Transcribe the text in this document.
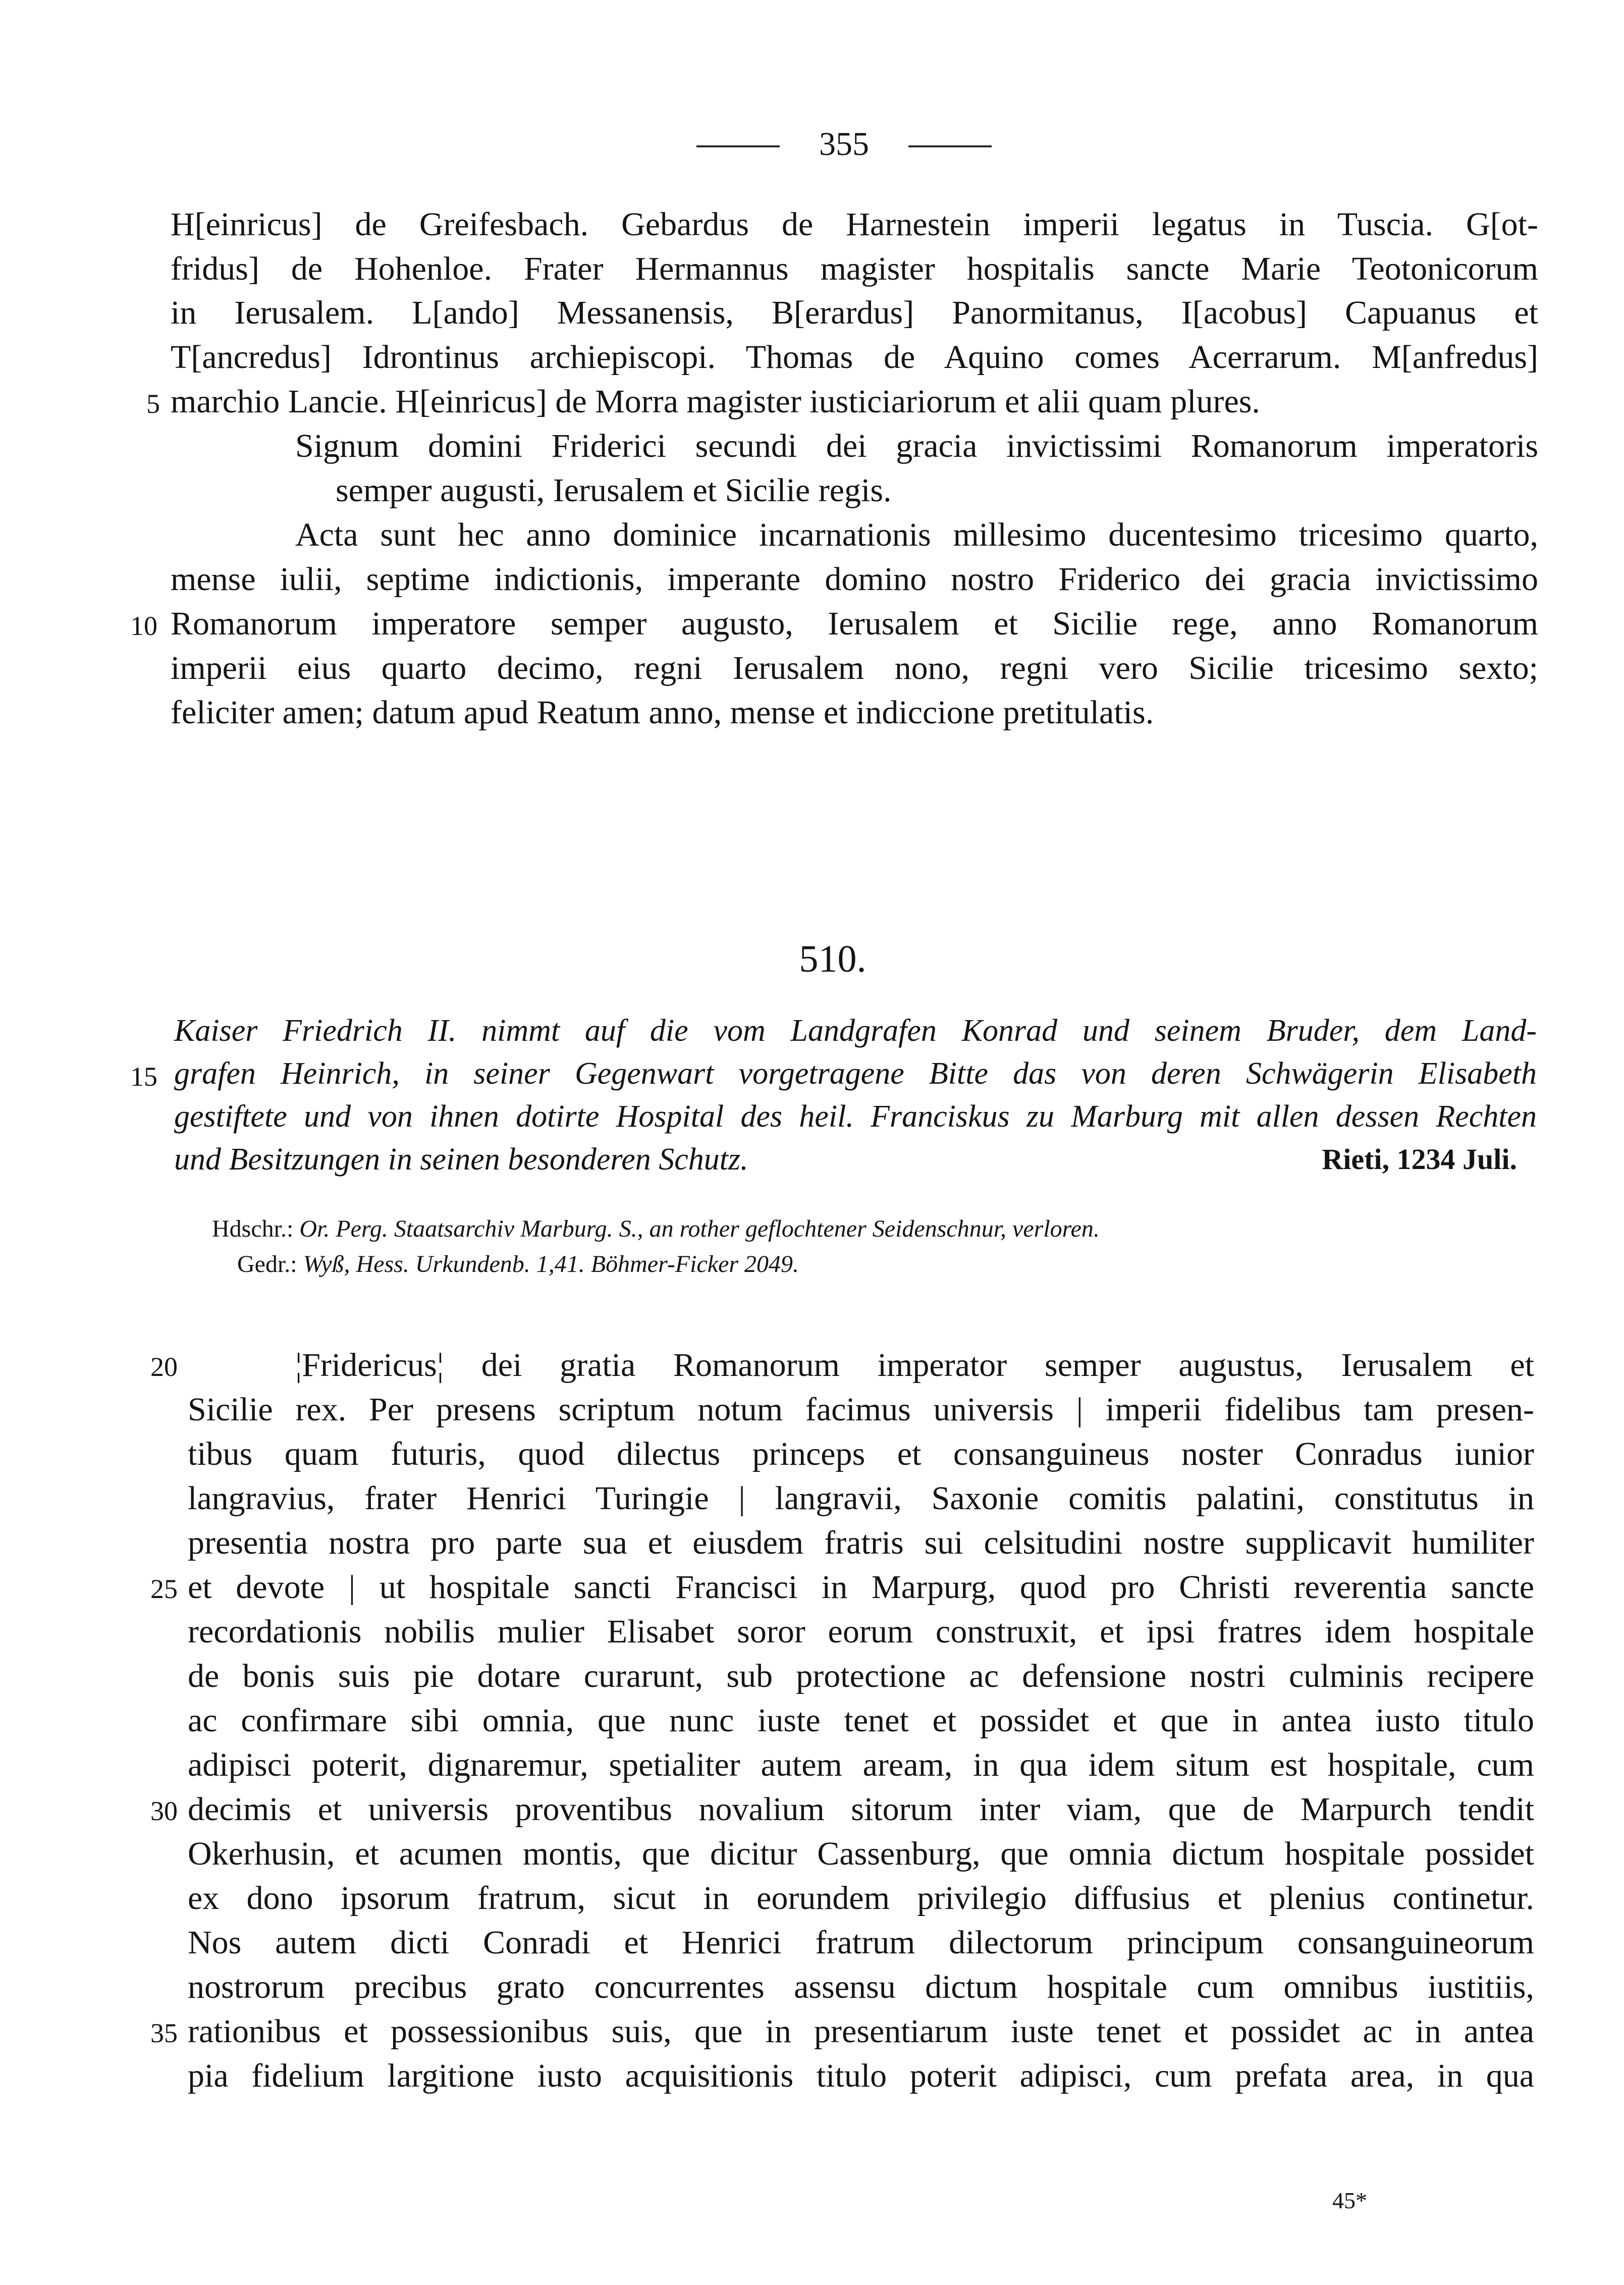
355
H[einricus] de Greifesbach. Gebardus de Harnestein imperii legatus in Tuscia. G[ot-
fridus] de Hohenloe. Frater Hermannus magister hospitalis sancte Marie Teotonicorum
in Ierusalem. L[ando] Messanensis, B[erardus] Panormitanus, I[acobus] Capuanus et
T[ancredus] Idrontinus archiepiscopi. Thomas de Aquino comes Acerrarum. M[anfredus]
marchio Lancie. H[einricus] de Morra magister iusticiariorum et alii quam plures.
Signum domini Friderici secundi dei gracia invictissimi Romanorum imperatoris
semper augusti, Ierusalem et Sicilie regis.
Acta sunt hec anno dominice incarnationis millesimo ducentesimo tricesimo quarto,
mense iulii, septime indictionis, imperante domino nostro Friderico dei gracia invictissimo
Romanorum imperatore semper augusto, Ierusalem et Sicilie rege, anno Romanorum
imperii eius quarto decimo, regni Ierusalem nono, regni vero Sicilie tricesimo sexto;
feliciter amen; datum apud Reatum anno, mense et indiccione pretitulatis.
510.
Kaiser Friedrich II. nimmt auf die vom Landgrafen Konrad und seinem Bruder, dem Land-
grafen Heinrich, in seiner Gegenwart vorgetragene Bitte das von deren Schwägerin Elisabeth
gestiftete und von ihnen dotirte Hospital des heil. Franciskus zu Marburg mit allen dessen Rechten
und Besitzungen in seinen besonderen Schutz.	Rieti, 1234 Juli.
Hdschr.: Or. Perg. Staatsarchiv Marburg. S., an rother geflochtener Seidenschnur, verloren.
Gedr.: Wyß, Hess. Urkundenb. 1,41. Böhmer-Ficker 2049.
¦Fridericus¦ dei gratia Romanorum imperator semper augustus, Ierusalem et
Sicilie rex. Per presens scriptum notum facimus universis | imperii fidelibus tam presen-
tibus quam futuris, quod dilectus princeps et consanguineus noster Conradus iunior
langravius, frater Henrici Turingie | langravii, Saxonie comitis palatini, constitutus in
presentia nostra pro parte sua et eiusdem fratris sui celsitudini nostre supplicavit humiliter
et devote | ut hospitale sancti Francisci in Marpurg, quod pro Christi reverentia sancte
recordationis nobilis mulier Elisabet soror eorum construxit, et ipsi fratres idem hospitale
de bonis suis pie dotare curarunt, sub protectione ac defensione nostri culminis recipere
ac confirmare sibi omnia, que nunc iuste tenet et possidet et que in antea iusto titulo
adipisci poterit, dignaremur, spetialiter autem aream, in qua idem situm est hospitale, cum
decimis et universis proventibus novalium sitorum inter viam, que de Marpurch tendit
Okerhusin, et acumen montis, que dicitur Cassenburg, que omnia dictum hospitale possidet
ex dono ipsorum fratrum, sicut in eorundem privilegio diffusius et plenius continetur.
Nos autem dicti Conradi et Henrici fratrum dilectorum principum consanguineorum
nostrorum precibus grato concurrentes assensu dictum hospitale cum omnibus iustitiis,
rationibus et possessionibus suis, que in presentiarum iuste tenet et possidet ac in antea
pia fidelium largitione iusto acquisitionis titulo poterit adipisci, cum prefata area, in qua
5
10
15
20
25
30
35
45*
